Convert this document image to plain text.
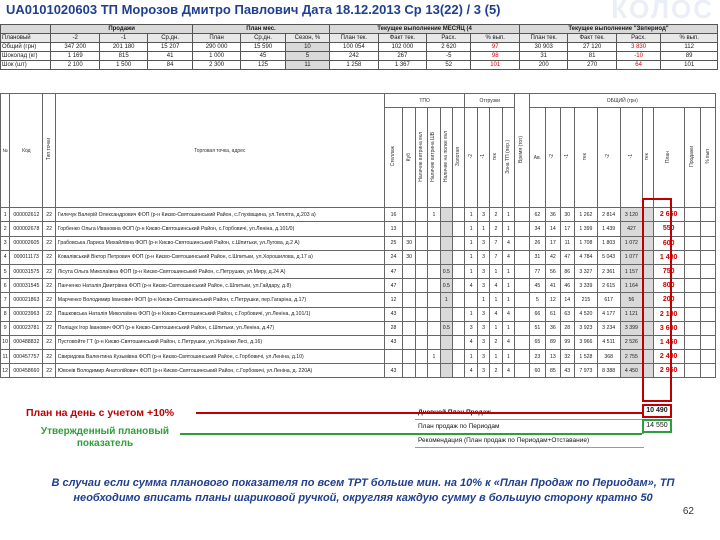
КОЛОС
UA0101020603 ТП Морозов Дмитро Павлович Дата 18.12.2013 Ср 13(22) / 3 (5)
	Продажи			План мес.			Текущее выполнение МЕСЯЦ (4				Текущее выполнение "Звпериод"			
Плановый	-2	-1	Ср.дн.	План	Ср.дн.	Сезон, %	План тек.	Факт тек.	Расх.	% вып.	План тек.	Факт тек.	Расх.	% вып.
Общий (грн)	347 200	201 180	15 207	290 000	15 590	10	100 054	102 000	2 620	97	30 903	27 120	3 830	112
Шоколад (кг)	1 169	815	41	1 000	45	5	242	267	-5	98	31	81	-10	89
Шок (шт)	2 100	1 500	84	2 300	125	11	1 258	1 367	52	101	200	270	64	101
№	Код	Тип точки	Торговая точка, адрес	ТПО						Отгрузки				Время (тот)	ОБЩИЙ (грн)									
				Стеллаж	Куб	Наличие витрина вкл	Наличие витрина ШВ	Наличие на полке вкл	Золотая	-2	-1	тек	Зона ТП (пер.)		Ав.	-2	-1	тек	-2	-1	тек	План	Продажи	% вып
1	000002612	22	Гилечук Валерій Олександрович ФОП (р-н Києво-Святошинський Район, с.Глухівщина, ул.Тепліта, д.203 а)	16			1			1	3	2	1		62	36	30	1 262	2 814	3 120		2 650		
2	000002678	22	Горбенко Ольга Ивановна ФОП (р-н Києво-Святошинський Район, с.Горбовичі, ул.Леніна, д.101/0)	13						1	1	2	1		34	14	17	1 399	1 439	427		550		
3	000002605	22	Грабовська Лариса Михайлівна ФОП (р-н Києво-Святошинський Район, с.Шпитьки, ул.Лугова, д.2 А)	25	30					1	3	7	4		26	17	11	1 708	1 803	1 072		600		
4	000011173	22	Ковалівський Віктор Петрович ФОП (р-н Києво-Святошинський Район, с.Шпитьки, ул.Хорошилова, д.17 а)	24	30					1	3	7	4		31	42	47	4 784	5 043	1 077		1 400		
5	000031575	22	Лісута Ольга Миколаївна ФОП (р-н Києво-Святошинський Район, с.Петрушки, ул.Миру, д.24 А)	47				0.5		1	3	1	1		77	56	86	3 327	2 361	1 157		750		
6	000031545	22	Панченко Наталія Дмитрівна ФОП (р-н Києво-Святошинський Район, с.Шпитьки, ул.Гайдару, д.8)	47				0.5		4	3	4	1		45	41	46	3 339	2 615	1 164		800		
7	000021863	22	Марченко Володимир Іванович ФОП (р-н Києво-Святошинський Район, с.Петрушки, пер.Гагаріна, д.17)	12				1			1	1	1		5	12	14	215	617	56		200		
8	000023963	22	Пашковська Наталія Миколаївна ФОП (р-н Києво-Святошинський Район, с.Горбовичі, ул.Леніна, д.101/1)	43						1	3	4	4		66	61	63	4 520	4 177	1 121		2 100		
9	000023781	22	Поліщук Ігор Іванович ФОП (р-н Києво-Святошинський Район, с.Шпитьки, ул.Леніна, д.47)	28				0.5		3	3	1	1		51	36	28	3 923	3 234	3 399		3 600		
10	000488832	22	Пустовойте ГТ (р-н Києво-Святошинський Район, с.Петрушки, ул.Українки Лесі, д.16)	43						4	3	2	4		65	89	99	3 966	4 511	2 526		1 450		
11	000457757	22	Свиридова Валентина Кузьмівна ФОП (р-н Києво-Святошинський Район, с.Горбовичі, ул.Леніна, д.10)				1			1	3	1	1		23	13	32	1 528	368	2 755		2 400		
12	000458660	22	Ювонів Володимир Анатолійович ФОП (р-н Києво-Святошинський Район, с.Горбовичі, ул.Леніна, д. 220А)	43						4	3	2	4		60	85	43	7 973	8 388	4 450		2 950		
Дневной План Продаж
План продаж по Периодам
Рекомендация (План продаж по Периодам+Отставание)
10 490
14 550
План на день с учетом +10%
Утвержденный плановый показатель
В случаи если сумма планового показателя по всем ТРТ больше мин. на 10% к «План Продаж по Периодам», ТП необходимо вписать планы шариковой ручкой, округляя каждую сумму в большую сторону кратно 50
62
